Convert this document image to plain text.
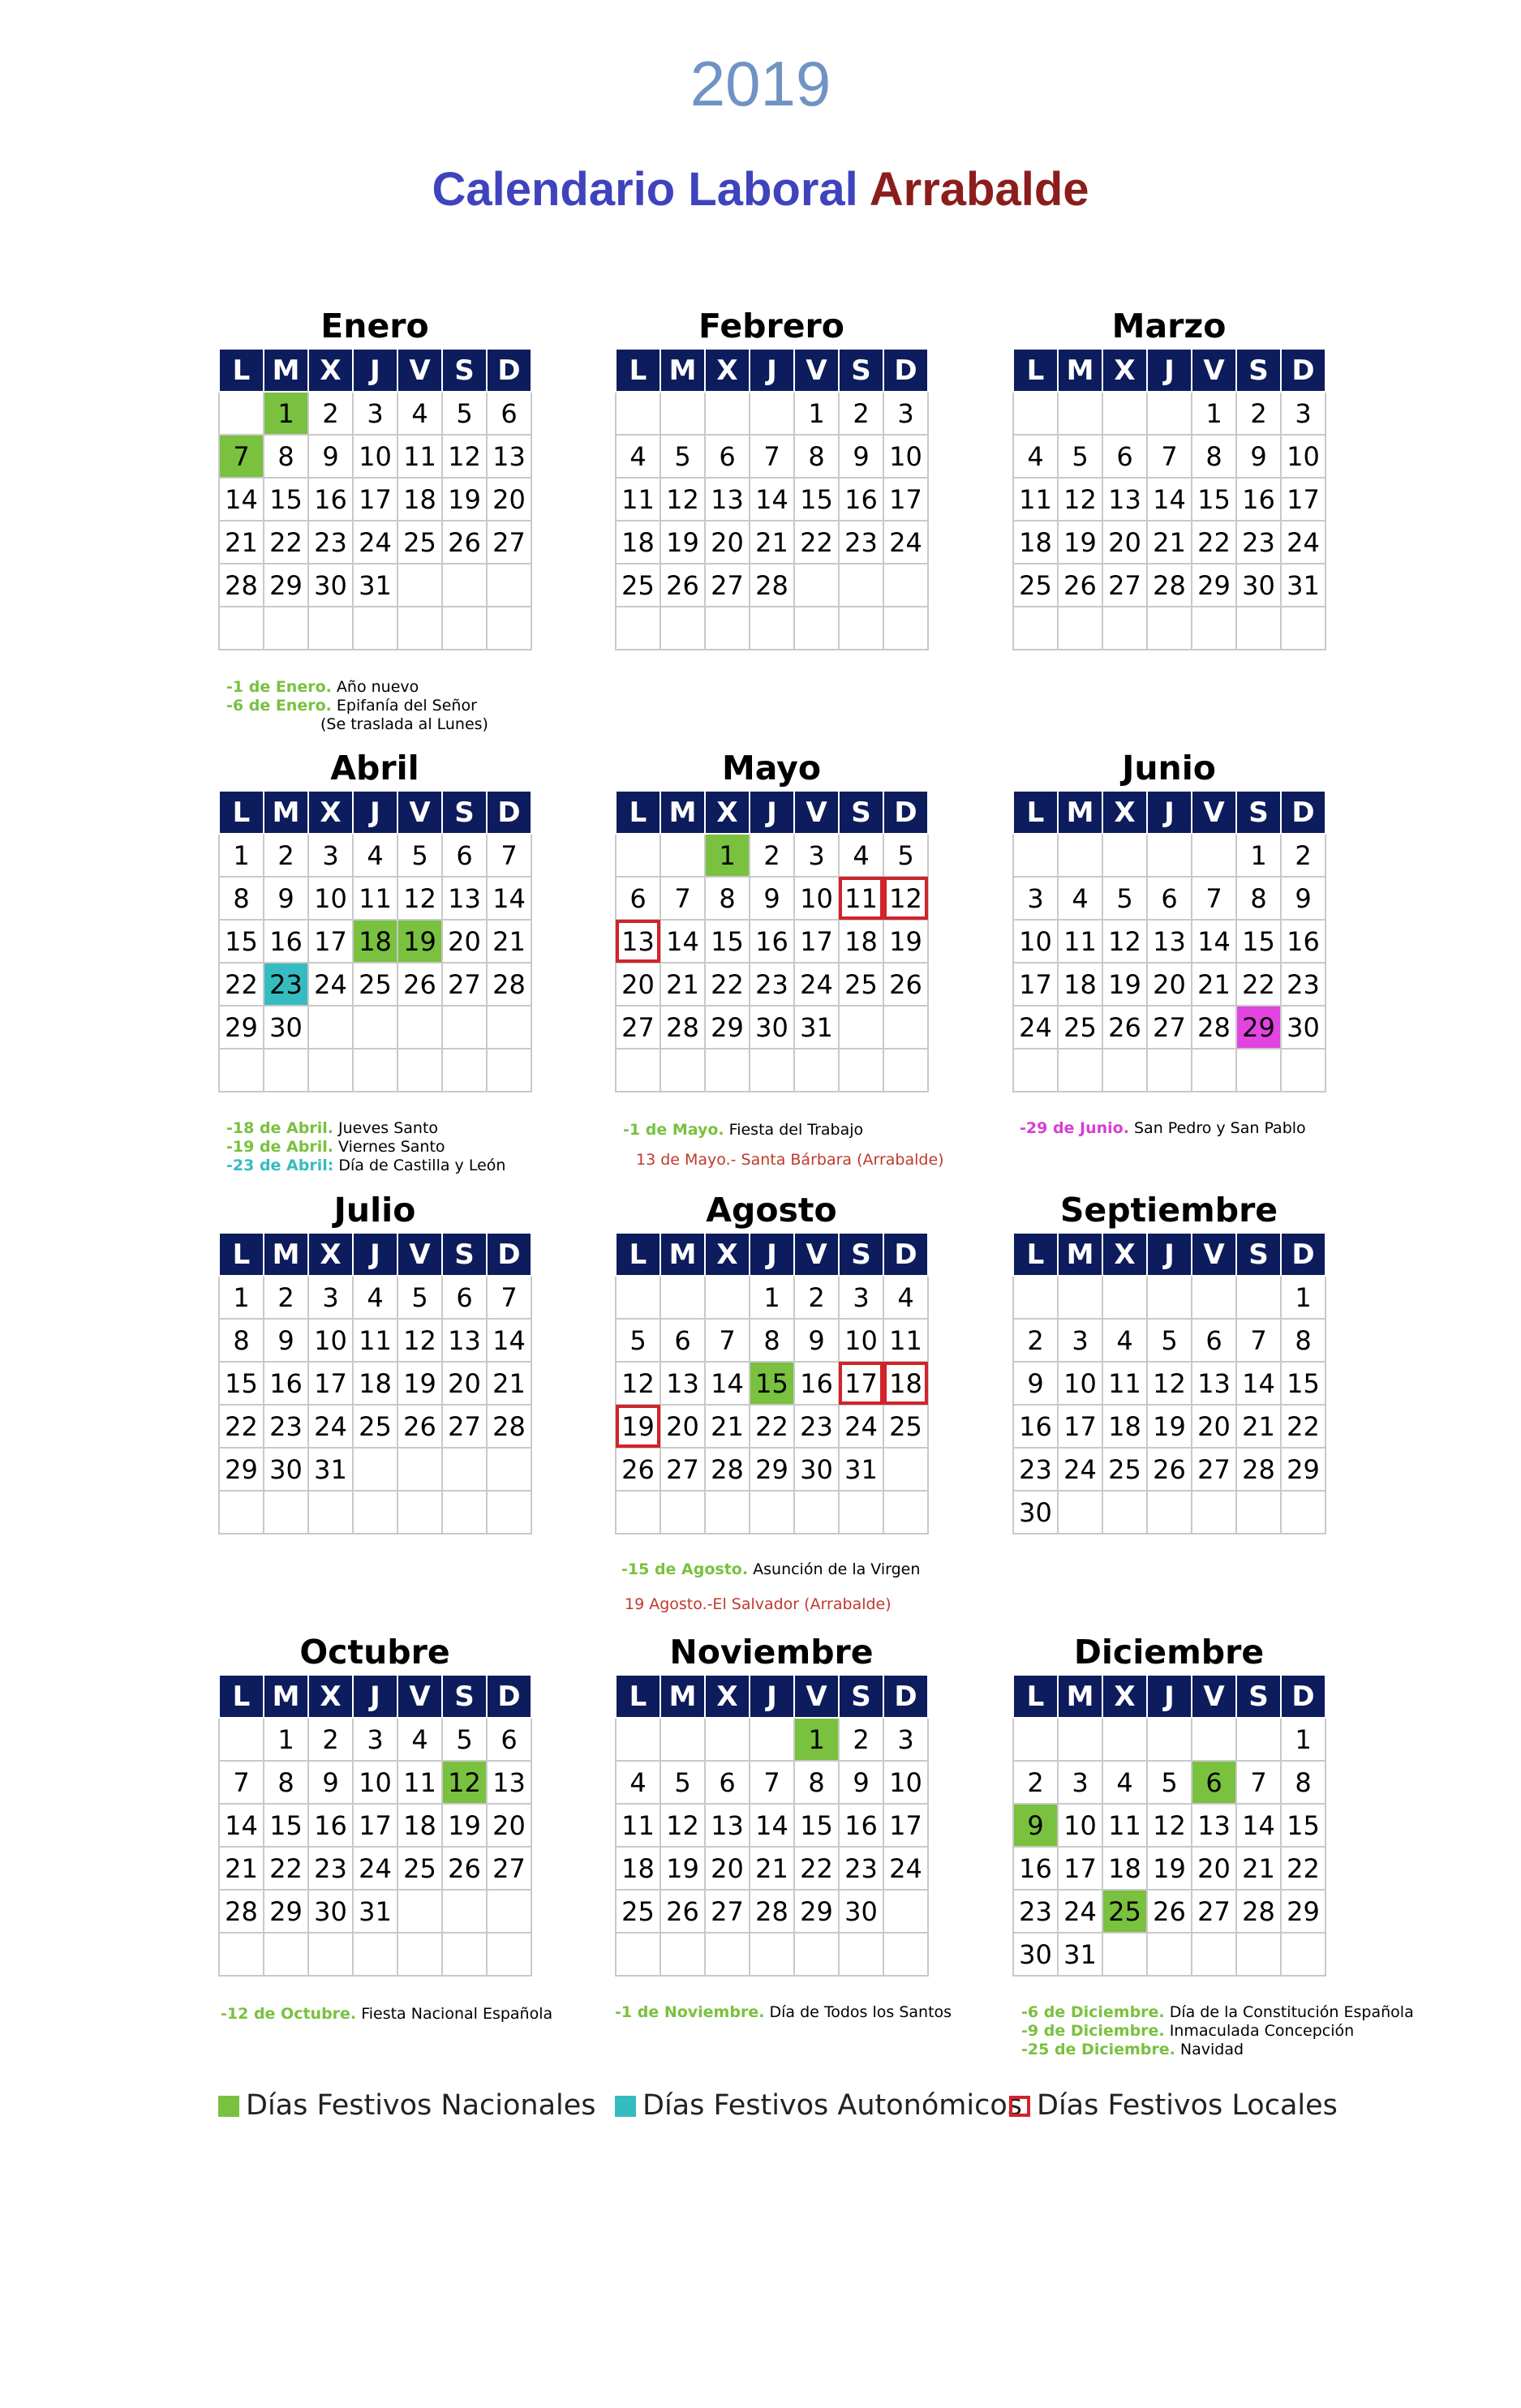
2019
Calendario Laboral Arrabalde
Enero
L	M	X	J	V	S	D
	1	2	3	4	5	6
7	8	9	10	11	12	13
14	15	16	17	18	19	20
21	22	23	24	25	26	27
28	29	30	31			

Febrero
L	M	X	J	V	S	D
				1	2	3
4	5	6	7	8	9	10
11	12	13	14	15	16	17
18	19	20	21	22	23	24
25	26	27	28			

Marzo
L	M	X	J	V	S	D
				1	2	3
4	5	6	7	8	9	10
11	12	13	14	15	16	17
18	19	20	21	22	23	24
25	26	27	28	29	30	31

Abril
L	M	X	J	V	S	D
1	2	3	4	5	6	7
8	9	10	11	12	13	14
15	16	17	18	19	20	21
22	23	24	25	26	27	28
29	30					

Mayo
L	M	X	J	V	S	D
		1	2	3	4	5
6	7	8	9	10	11	12
13	14	15	16	17	18	19
20	21	22	23	24	25	26
27	28	29	30	31		

Junio
L	M	X	J	V	S	D
					1	2
3	4	5	6	7	8	9
10	11	12	13	14	15	16
17	18	19	20	21	22	23
24	25	26	27	28	29	30

Julio
L	M	X	J	V	S	D
1	2	3	4	5	6	7
8	9	10	11	12	13	14
15	16	17	18	19	20	21
22	23	24	25	26	27	28
29	30	31				

Agosto
L	M	X	J	V	S	D
			1	2	3	4
5	6	7	8	9	10	11
12	13	14	15	16	17	18
19	20	21	22	23	24	25
26	27	28	29	30	31	

Septiembre
L	M	X	J	V	S	D
						1
2	3	4	5	6	7	8
9	10	11	12	13	14	15
16	17	18	19	20	21	22
23	24	25	26	27	28	29
30						
Octubre
L	M	X	J	V	S	D
	1	2	3	4	5	6
7	8	9	10	11	12	13
14	15	16	17	18	19	20
21	22	23	24	25	26	27
28	29	30	31			

Noviembre
L	M	X	J	V	S	D
				1	2	3
4	5	6	7	8	9	10
11	12	13	14	15	16	17
18	19	20	21	22	23	24
25	26	27	28	29	30	

Diciembre
L	M	X	J	V	S	D
						1
2	3	4	5	6	7	8
9	10	11	12	13	14	15
16	17	18	19	20	21	22
23	24	25	26	27	28	29
30	31					
-1 de Enero. Año nuevo
-6 de Enero. Epifanía del Señor
(Se traslada al Lunes)
-18 de Abril. Jueves Santo
-19 de Abril. Viernes Santo
-23 de Abril: Día de Castilla y León
-1 de Mayo. Fiesta del Trabajo
13 de Mayo.- Santa Bárbara (Arrabalde)
-29 de Junio. San Pedro y San Pablo
-15 de Agosto. Asunción de la Virgen
19 Agosto.-El Salvador (Arrabalde)
-12 de Octubre. Fiesta Nacional Española	-1 de Noviembre. Día de Todos los Santos	-6 de Diciembre. Día de la Constitución Española
-9 de Diciembre. Inmaculada Concepción
-25 de Diciembre. Navidad
Días Festivos Nacionales	Días Festivos Autonómicos Días Festivos Locales
